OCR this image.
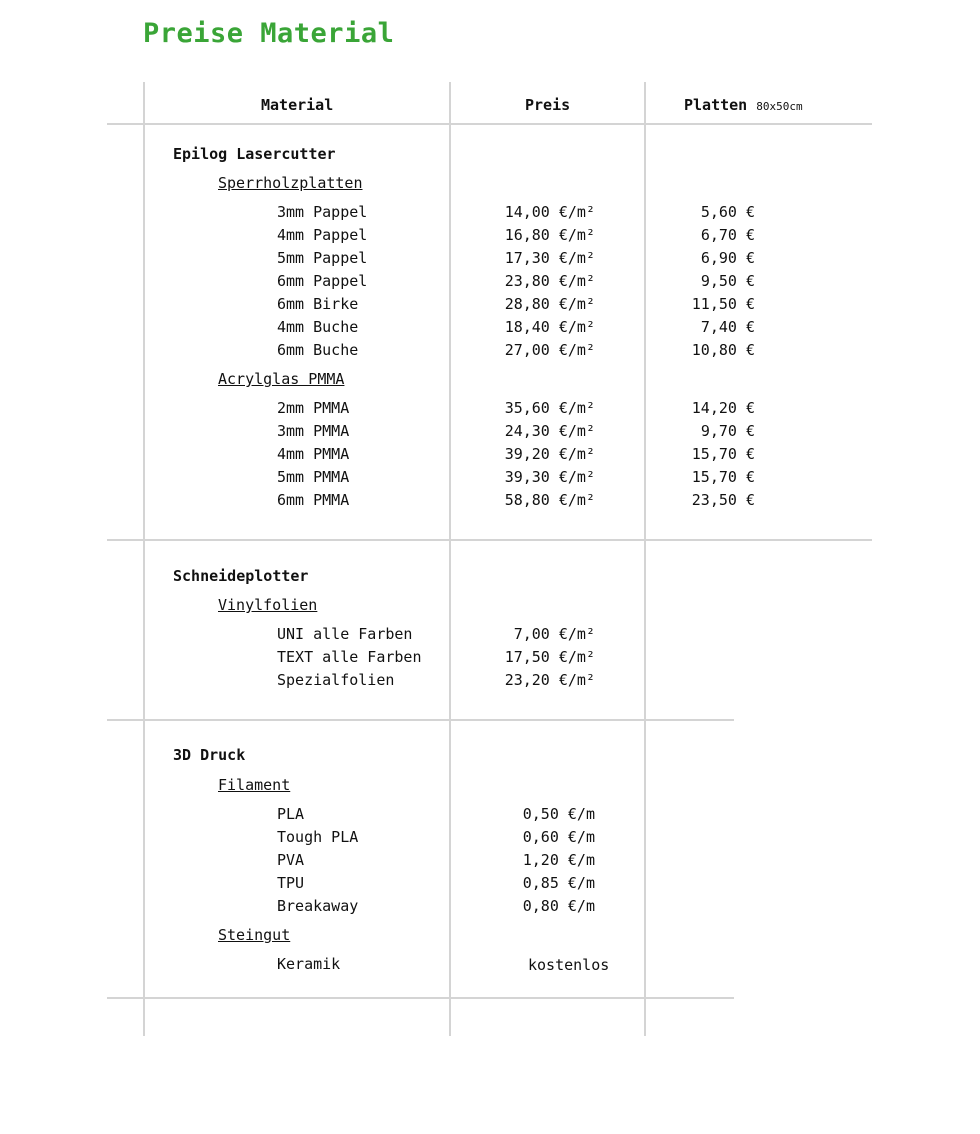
Preise Material
Material	Preis	Platten 80x50cm
Epilog Lasercutter
Sperrholzplatten
3mm Pappel	14,00 €/m²	5,60 €
4mm Pappel	16,80 €/m²	6,70 €
5mm Pappel	17,30 €/m²	6,90 €
6mm Pappel	23,80 €/m²	9,50 €
6mm Birke	28,80 €/m²	11,50 €
4mm Buche	18,40 €/m²	7,40 €
6mm Buche	27,00 €/m²	10,80 €
Acrylglas PMMA
2mm PMMA	35,60 €/m²	14,20 €
3mm PMMA	24,30 €/m²	9,70 €
4mm PMMA	39,20 €/m²	15,70 €
5mm PMMA	39,30 €/m²	15,70 €
6mm PMMA	58,80 €/m²	23,50 €
Schneideplotter
Vinylfolien
UNI alle Farben	7,00 €/m²
TEXT alle Farben	17,50 €/m²
Spezialfolien	23,20 €/m²
3D Druck
Filament
PLA	0,50 €/m
Tough PLA	0,60 €/m
PVA	1,20 €/m
TPU	0,85 €/m
Breakaway	0,80 €/m
Steingut
Keramik	kostenlos
